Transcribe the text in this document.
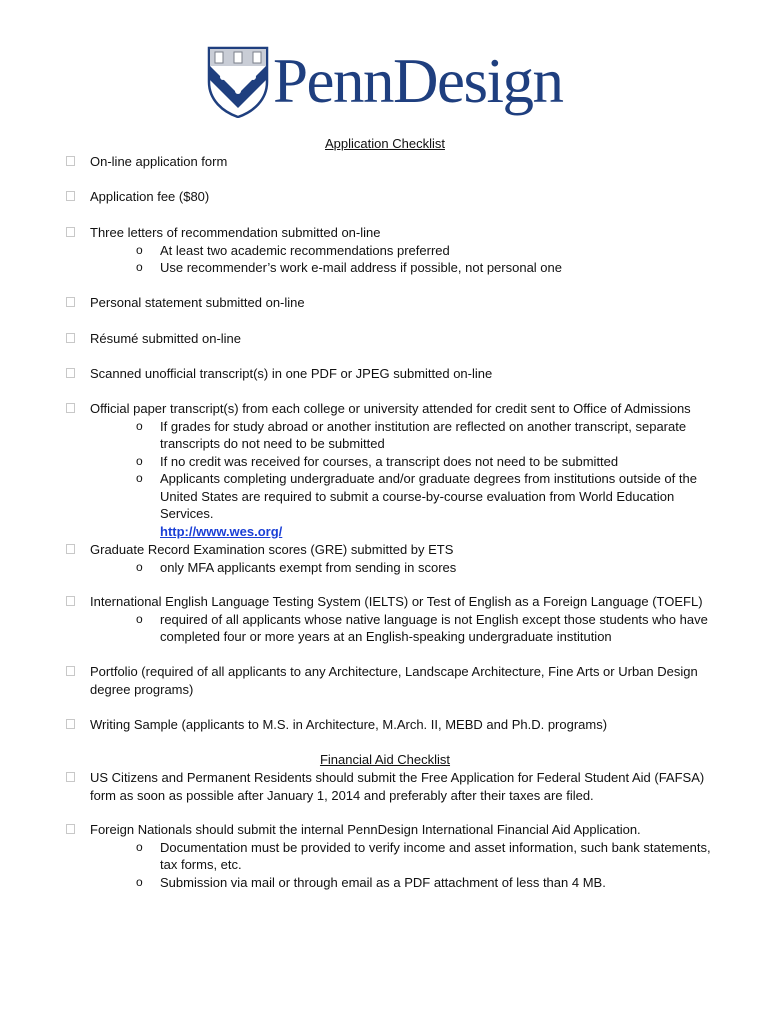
PennDesign
Application Checklist
On-line application form
Application fee ($80)
Three letters of recommendation submitted on-line
o At least two academic recommendations preferred
o Use recommender’s work e-mail address if possible, not personal one
Personal statement submitted on-line
Résumé submitted on-line
Scanned unofficial transcript(s) in one PDF or JPEG submitted on-line
Official paper transcript(s) from each college or university attended for credit sent to Office of Admissions
o If grades for study abroad or another institution are reflected on another transcript, separate transcripts do not need to be submitted
o If no credit was received for courses, a transcript does not need to be submitted
o Applicants completing undergraduate and/or graduate degrees from institutions outside of the United States are required to submit a course-by-course evaluation from World Education Services.
http://www.wes.org/
Graduate Record Examination scores (GRE) submitted by ETS
o only MFA applicants exempt from sending in scores
International English Language Testing System (IELTS) or Test of English as a Foreign Language (TOEFL)
o required of all applicants whose native language is not English except those students who have completed four or more years at an English-speaking undergraduate institution
Portfolio (required of all applicants to any Architecture, Landscape Architecture, Fine Arts or Urban Design degree programs)
Writing Sample (applicants to M.S. in Architecture, M.Arch. II, MEBD and Ph.D. programs)
Financial Aid Checklist
US Citizens and Permanent Residents should submit the Free Application for Federal Student Aid (FAFSA) form as soon as possible after January 1, 2014 and preferably after their taxes are filed.
Foreign Nationals should submit the internal PennDesign International Financial Aid Application.
o Documentation must be provided to verify income and asset information, such bank statements, tax forms, etc.
o Submission via mail or through email as a PDF attachment of less than 4 MB.
